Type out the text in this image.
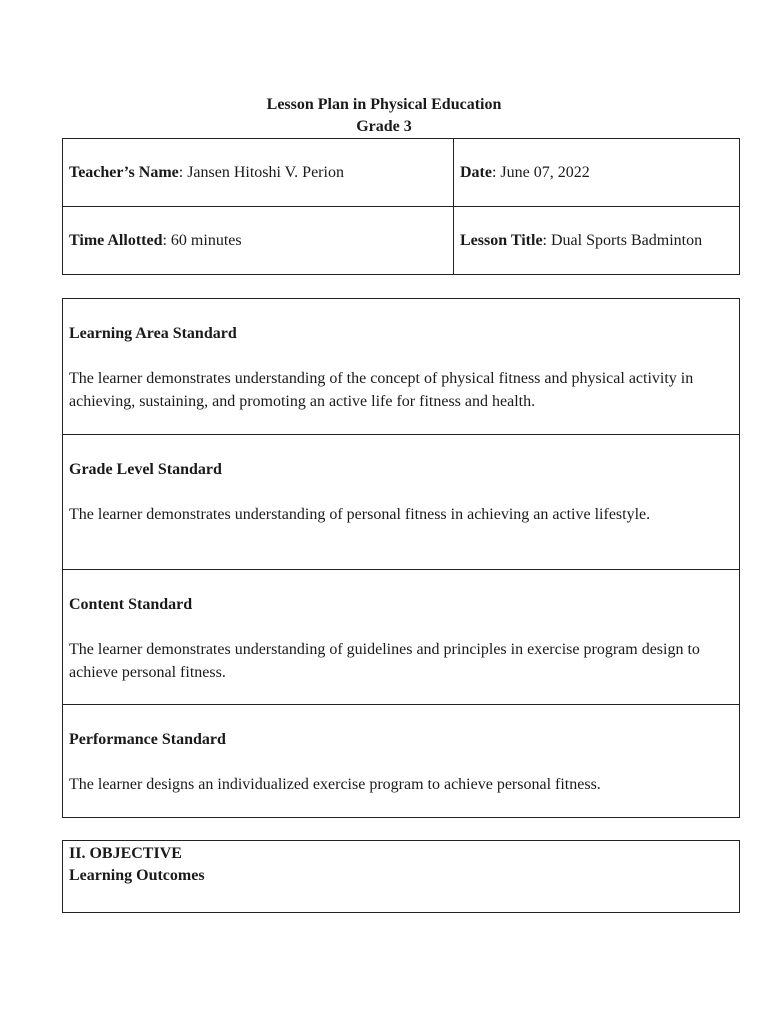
Lesson Plan in Physical Education
Grade 3
Teacher’s Name: Jansen Hitoshi V. Perion	Date: June 07, 2022
Time Allotted: 60 minutes	Lesson Title: Dual Sports Badminton
Learning Area Standard
The learner demonstrates understanding of the concept of physical fitness and physical activity in achieving, sustaining, and promoting an active life for fitness and health.

Grade Level Standard
The learner demonstrates understanding of personal fitness in achieving an active lifestyle.

Content Standard
The learner demonstrates understanding of guidelines and principles in exercise program design to achieve personal fitness.

Performance Standard
The learner designs an individualized exercise program to achieve personal fitness.
II. OBJECTIVE
Learning Outcomes
